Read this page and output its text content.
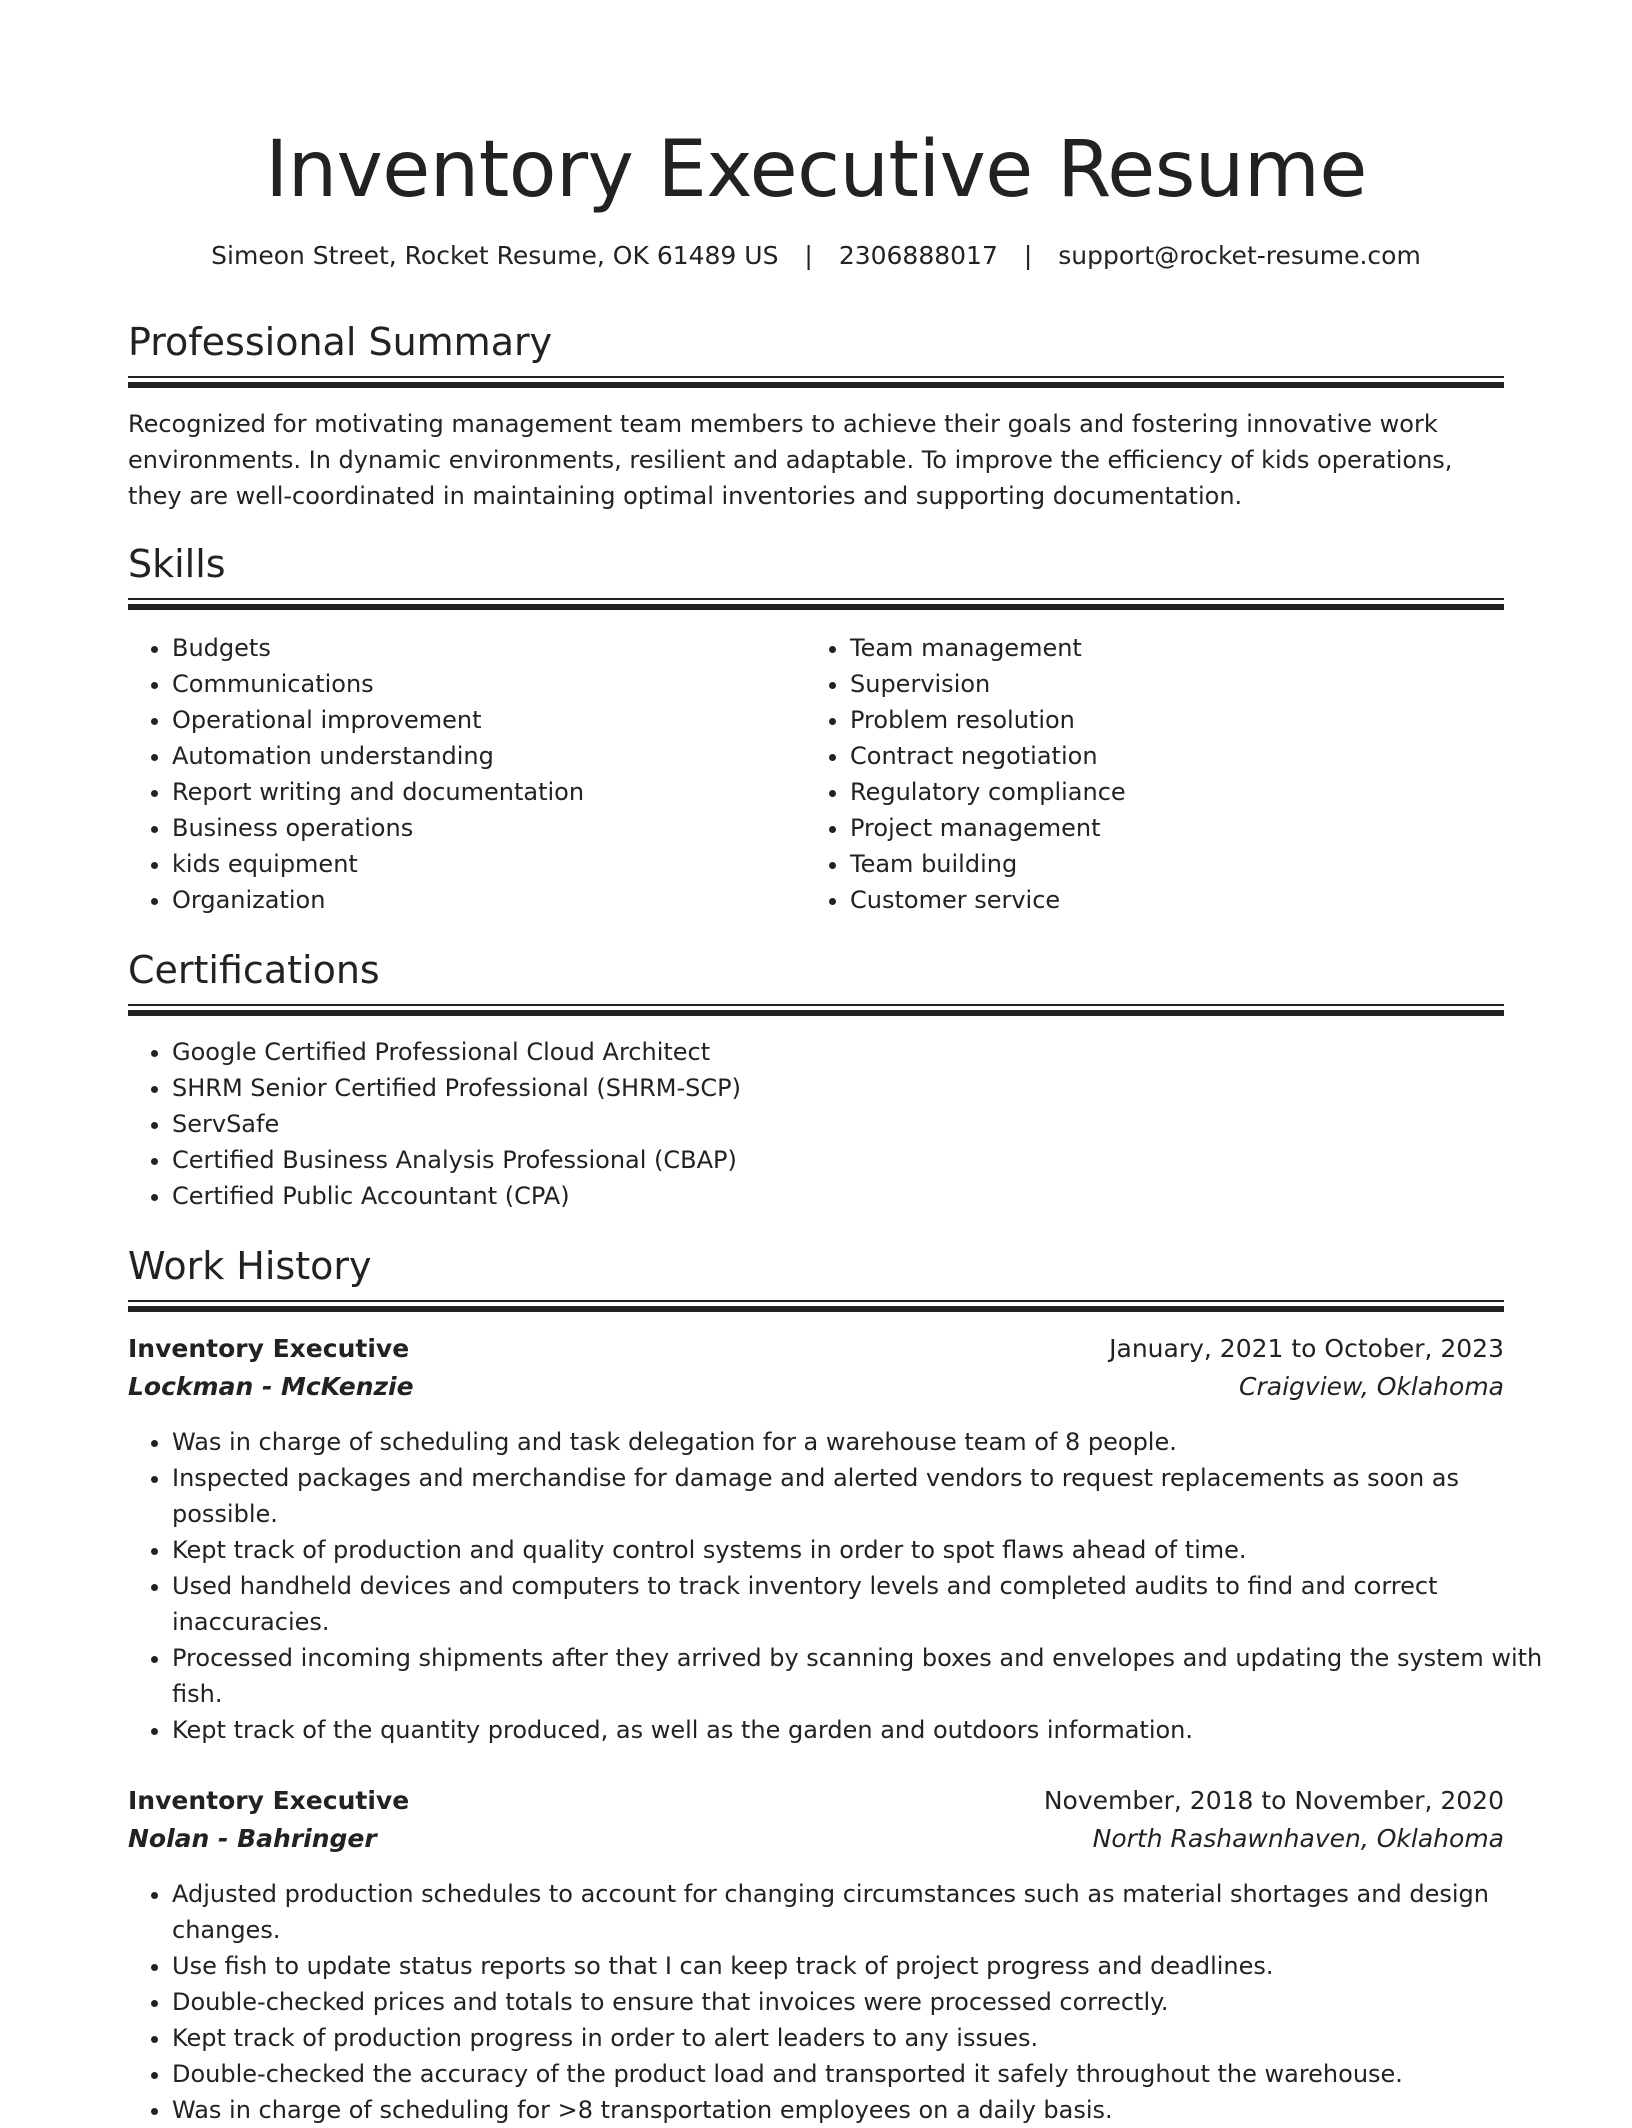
Inventory Executive Resume
Simeon Street, Rocket Resume, OK 61489 US | 2306888017 | support@rocket-resume.com
Professional Summary

Recognized for motivating management team members to achieve their goals and fostering innovative work environments. In dynamic environments, resilient and adaptable. To improve the efficiency of kids operations, they are well-coordinated in maintaining optimal inventories and supporting documentation.

Skills
• Budgets
• Communications
• Operational improvement
• Automation understanding
• Report writing and documentation
• Business operations
• kids equipment
• Organization
• Team management
• Supervision
• Problem resolution
• Contract negotiation
• Regulatory compliance
• Project management
• Team building
• Customer service
Certifications
• Google Certified Professional Cloud Architect
• SHRM Senior Certified Professional (SHRM-SCP)
• ServSafe
• Certified Business Analysis Professional (CBAP)
• Certified Public Accountant (CPA)
Work History
Inventory Executive	January, 2021 to October, 2023
Lockman - McKenzie	Craigview, Oklahoma
• Was in charge of scheduling and task delegation for a warehouse team of 8 people.
• Inspected packages and merchandise for damage and alerted vendors to request replacements as soon as possible.
• Kept track of production and quality control systems in order to spot flaws ahead of time.
• Used handheld devices and computers to track inventory levels and completed audits to find and correct inaccuracies.
• Processed incoming shipments after they arrived by scanning boxes and envelopes and updating the system with fish.
• Kept track of the quantity produced, as well as the garden and outdoors information.
Inventory Executive	November, 2018 to November, 2020
Nolan - Bahringer	North Rashawnhaven, Oklahoma
• Adjusted production schedules to account for changing circumstances such as material shortages and design changes.
• Use fish to update status reports so that I can keep track of project progress and deadlines.
• Double-checked prices and totals to ensure that invoices were processed correctly.
• Kept track of production progress in order to alert leaders to any issues.
• Double-checked the accuracy of the product load and transported it safely throughout the warehouse.
• Was in charge of scheduling for >8 transportation employees on a daily basis.
